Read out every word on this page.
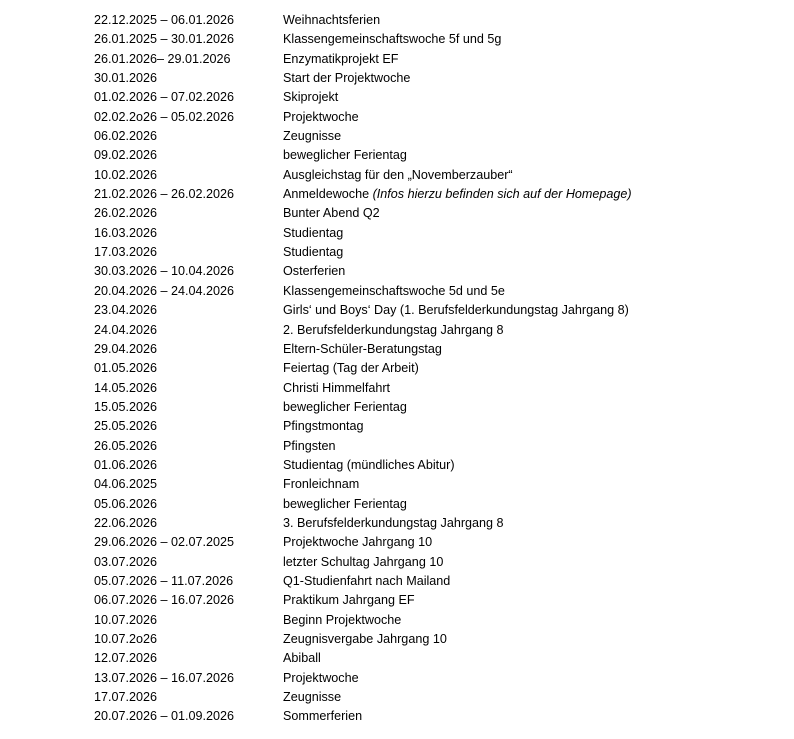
22.12.2025 – 06.01.2026	Weihnachtsferien
26.01.2025 – 30.01.2026	Klassengemeinschaftswoche 5f und 5g
26.01.2026– 29.01.2026	Enzymatikprojekt EF
30.01.2026	Start der Projektwoche
01.02.2026 – 07.02.2026	Skiprojekt
02.02.2o26 – 05.02.2026	Projektwoche
06.02.2026	Zeugnisse
09.02.2026	beweglicher Ferientag
10.02.2026	Ausgleichstag für den „Novemberzauber“
21.02.2026 – 26.02.2026	Anmeldewoche (Infos hierzu befinden sich auf der Homepage)
26.02.2026	Bunter Abend Q2
16.03.2026	Studientag
17.03.2026	Studientag
30.03.2026 – 10.04.2026	Osterferien
20.04.2026 – 24.04.2026	Klassengemeinschaftswoche 5d und 5e
23.04.2026	Girls‘ und Boys‘ Day (1. Berufsfelderkundungstag Jahrgang 8)
24.04.2026	2. Berufsfelderkundungstag Jahrgang 8
29.04.2026	Eltern-Schüler-Beratungstag
01.05.2026	Feiertag (Tag der Arbeit)
14.05.2026	Christi Himmelfahrt
15.05.2026	beweglicher Ferientag
25.05.2026	Pfingstmontag
26.05.2026	Pfingsten
01.06.2026	Studientag (mündliches Abitur)
04.06.2025	Fronleichnam
05.06.2026	beweglicher Ferientag
22.06.2026	3. Berufsfelderkundungstag Jahrgang 8
29.06.2026 – 02.07.2025	Projektwoche Jahrgang 10
03.07.2026	letzter Schultag Jahrgang 10
05.07.2026 – 11.07.2026	Q1-Studienfahrt nach Mailand
06.07.2026 – 16.07.2026	Praktikum Jahrgang EF
10.07.2026	Beginn Projektwoche
10.07.2o26	Zeugnisvergabe Jahrgang 10
12.07.2026	Abiball
13.07.2026 – 16.07.2026	Projektwoche
17.07.2026	Zeugnisse
20.07.2026 – 01.09.2026	Sommerferien
